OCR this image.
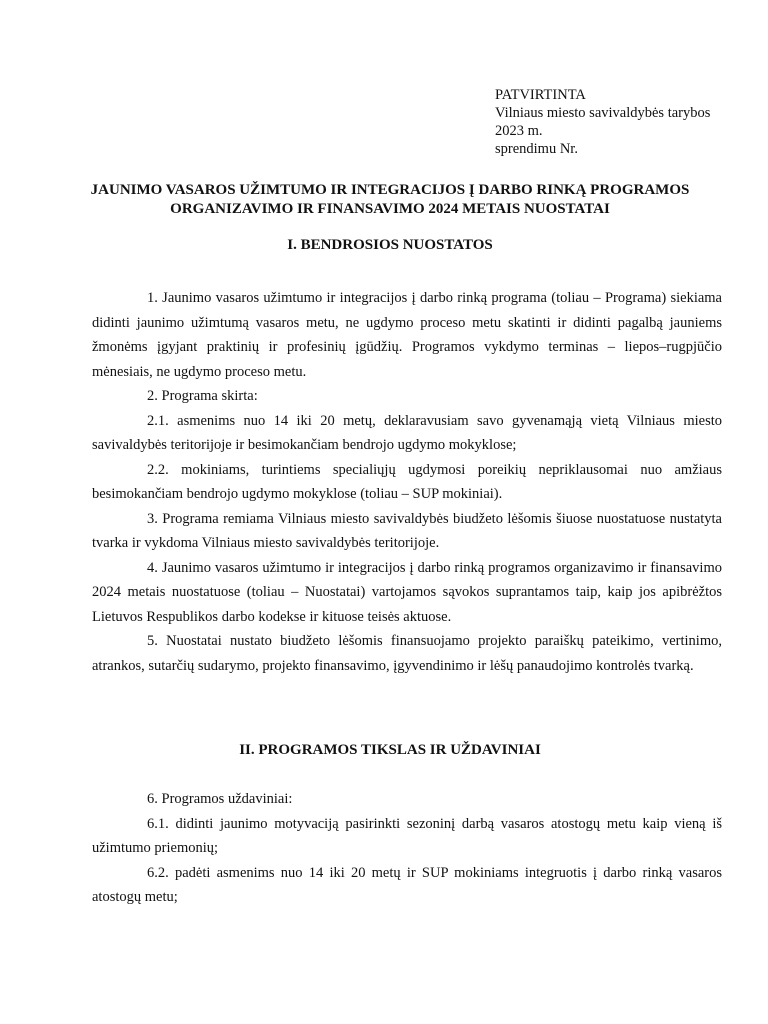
PATVIRTINTA
Vilniaus miesto savivaldybės tarybos
2023 m.
sprendimu Nr.
JAUNIMO VASAROS UŽIMTUMO IR INTEGRACIJOS Į DARBO RINKĄ PROGRAMOS
ORGANIZAVIMO IR FINANSAVIMO 2024 METAIS NUOSTATAI
I. BENDROSIOS NUOSTATOS

1. Jaunimo vasaros užimtumo ir integracijos į darbo rinką programa (toliau – Programa) siekiama didinti jaunimo užimtumą vasaros metu, ne ugdymo proceso metu skatinti ir didinti pagalbą jauniems žmonėms įgyjant praktinių ir profesinių įgūdžių. Programos vykdymo terminas – liepos–rugpjūčio mėnesiais, ne ugdymo proceso metu.

2. Programa skirta:

2.1. asmenims nuo 14 iki 20 metų, deklaravusiam savo gyvenamąją vietą Vilniaus miesto savivaldybės teritorijoje ir besimokančiam bendrojo ugdymo mokyklose;

2.2. mokiniams, turintiems specialiųjų ugdymosi poreikių nepriklausomai nuo amžiaus besimokančiam bendrojo ugdymo mokyklose (toliau – SUP mokiniai).

3. Programa remiama Vilniaus miesto savivaldybės biudžeto lėšomis šiuose nuostatuose nustatyta tvarka ir vykdoma Vilniaus miesto savivaldybės teritorijoje.

4. Jaunimo vasaros užimtumo ir integracijos į darbo rinką programos organizavimo ir finansavimo 2024 metais nuostatuose (toliau – Nuostatai) vartojamos sąvokos suprantamos taip, kaip jos apibrėžtos Lietuvos Respublikos darbo kodekse ir kituose teisės aktuose.

5. Nuostatai nustato biudžeto lėšomis finansuojamo projekto paraiškų pateikimo, vertinimo, atrankos, sutarčių sudarymo, projekto finansavimo, įgyvendinimo ir lėšų panaudojimo kontrolės tvarką.

II. PROGRAMOS TIKSLAS IR UŽDAVINIAI

6. Programos uždaviniai:

6.1. didinti jaunimo motyvaciją pasirinkti sezoninį darbą vasaros atostogų metu kaip vieną iš užimtumo priemonių;

6.2. padėti asmenims nuo 14 iki 20 metų ir SUP mokiniams integruotis į darbo rinką vasaros atostogų metu;
